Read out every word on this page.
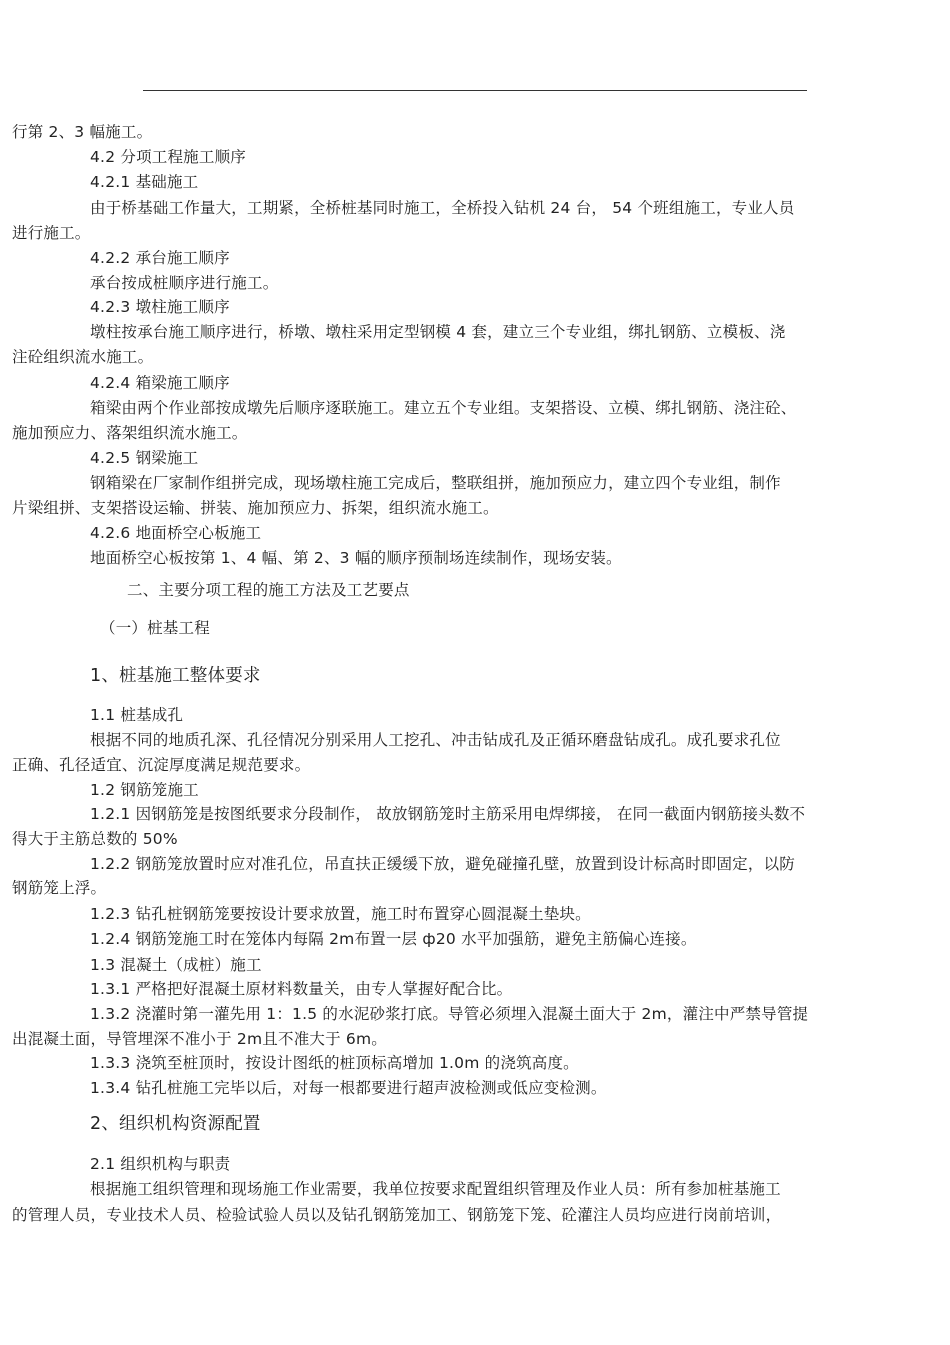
行第 2、3 幅施工。
4.2 分项工程施工顺序
4.2.1 基础施工
由于桥基础工作量大，工期紧，全桥桩基同时施工，全桥投入钻机 24 台， 54 个班组施工，专业人员
进行施工。
4.2.2 承台施工顺序
承台按成桩顺序进行施工。
4.2.3 墩柱施工顺序
墩柱按承台施工顺序进行，桥墩、墩柱采用定型钢模 4 套，建立三个专业组，绑扎钢筋、立模板、浇
注砼组织流水施工。
4.2.4 箱梁施工顺序
箱梁由两个作业部按成墩先后顺序逐联施工。建立五个专业组。支架搭设、立模、绑扎钢筋、浇注砼、
施加预应力、落架组织流水施工。
4.2.5 钢梁施工
钢箱梁在厂家制作组拼完成，现场墩柱施工完成后，整联组拼，施加预应力，建立四个专业组，制作
片梁组拼、支架搭设运输、拼装、施加预应力、拆架，组织流水施工。
4.2.6 地面桥空心板施工
地面桥空心板按第 1、4 幅、第 2、3 幅的顺序预制场连续制作，现场安装。
二、主要分项工程的施工方法及工艺要点
（一）桩基工程
1、桩基施工整体要求
1.1 桩基成孔
根据不同的地质孔深、孔径情况分别采用人工挖孔、冲击钻成孔及正循环磨盘钻成孔。成孔要求孔位
正确、孔径适宜、沉淀厚度满足规范要求。
1.2 钢筋笼施工
1.2.1 因钢筋笼是按图纸要求分段制作， 故放钢筋笼时主筋采用电焊绑接， 在同一截面内钢筋接头数不
得大于主筋总数的 50%
1.2.2 钢筋笼放置时应对准孔位，吊直扶正缓缓下放，避免碰撞孔壁，放置到设计标高时即固定，以防
钢筋笼上浮。
1.2.3 钻孔桩钢筋笼要按设计要求放置，施工时布置穿心圆混凝土垫块。
1.2.4 钢筋笼施工时在笼体内每隔 2m布置一层 ф20 水平加强筋，避免主筋偏心连接。
1.3 混凝土（成桩）施工
1.3.1 严格把好混凝土原材料数量关，由专人掌握好配合比。
1.3.2 浇灌时第一灌先用 1：1.5 的水泥砂浆打底。导管必须埋入混凝土面大于 2m，灌注中严禁导管提
出混凝土面，导管埋深不准小于 2m且不准大于 6m。
1.3.3 浇筑至桩顶时，按设计图纸的桩顶标高增加 1.0m 的浇筑高度。
1.3.4 钻孔桩施工完毕以后，对每一根都要进行超声波检测或低应变检测。
2、组织机构资源配置
2.1 组织机构与职责
根据施工组织管理和现场施工作业需要，我单位按要求配置组织管理及作业人员：所有参加桩基施工
的管理人员，专业技术人员、检验试验人员以及钻孔钢筋笼加工、钢筋笼下笼、砼灌注人员均应进行岗前培训，
